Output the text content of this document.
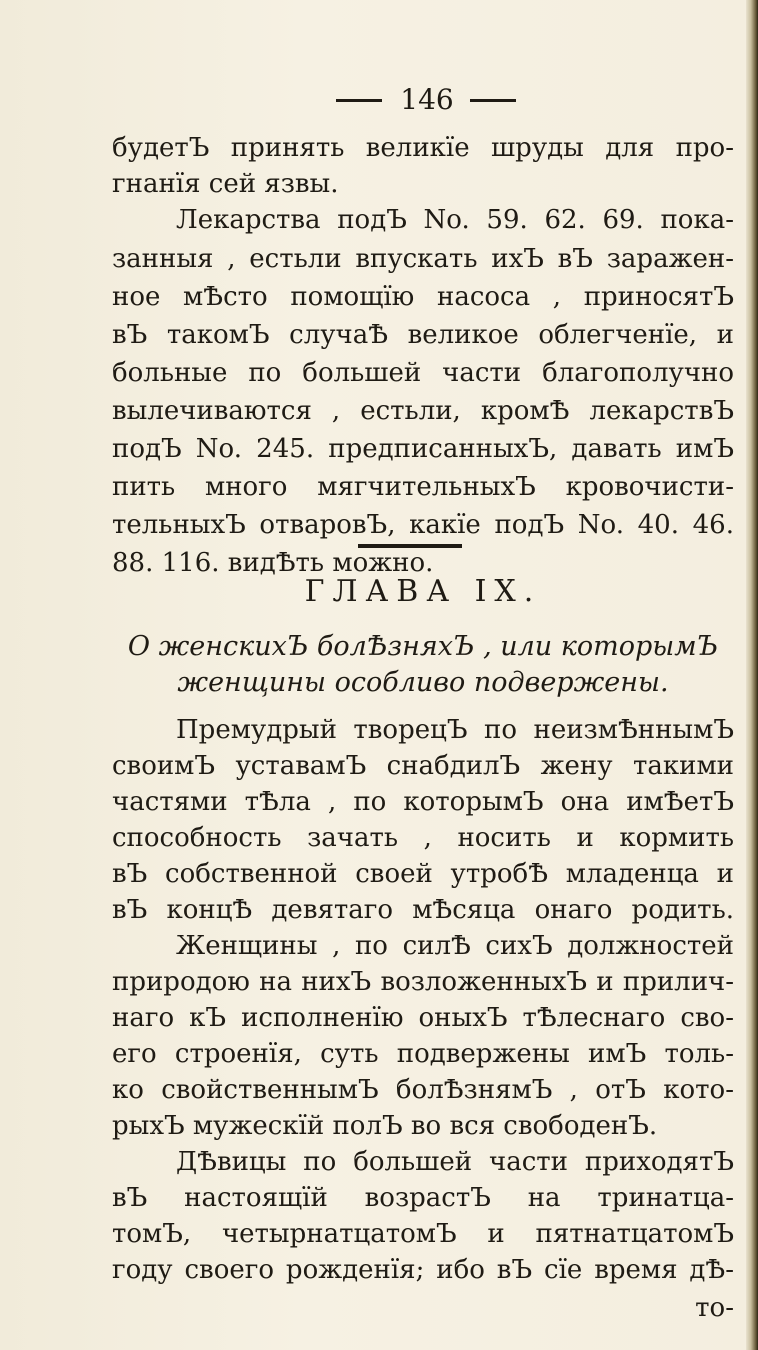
146
будетЪ принять великїе шруды для про-
гнанїя сей язвы.
Лекарства подЪ No. 59. 62. 69. пока-
занныя , естьли впускать ихЪ вЪ заражен-
ное мѢсто помощїю насоса , приносятЪ
вЪ такомЪ случаѢ великое облегченїе, и
больные по большей части благополучно
вылечиваются , естьли, кромѢ лекарствЪ
подЪ No. 245. предписанныхЪ, давать имЪ
пить много мягчительныхЪ кровочисти-
тельныхЪ отваровЪ, какїе подЪ No. 40. 46.
88. 116. видѢть можно.
ГЛАВА IX.
О женскихЪ болѢзняхЪ , или которымЪ
женщины особливо подвержены.
Премудрый творецЪ по неизмѢннымЪ
своимЪ уставамЪ снабдилЪ жену такими
частями тѢла , по которымЪ она имѢетЪ
способность зачать , носить и кормить
вЪ собственной своей утробѢ младенца и
вЪ концѢ девятаго мѢсяца онаго родить.
Женщины , по силѢ сихЪ должностей
природою на нихЪ возложенныхЪ и прилич-
наго кЪ исполненїю оныхЪ тѢлеснаго сво-
его строенїя, суть подвержены имЪ толь-
ко свойственнымЪ болѢзнямЪ , отЪ кото-
рыхЪ мужескїй полЪ во вся свободенЪ.
ДѢвицы по большей части приходятЪ
вЪ настоящїй возрастЪ на тринатца-
томЪ, четырнатцатомЪ и пятнатцатомЪ
году своего рожденїя; ибо вЪ сїе время дѢ-
то-
